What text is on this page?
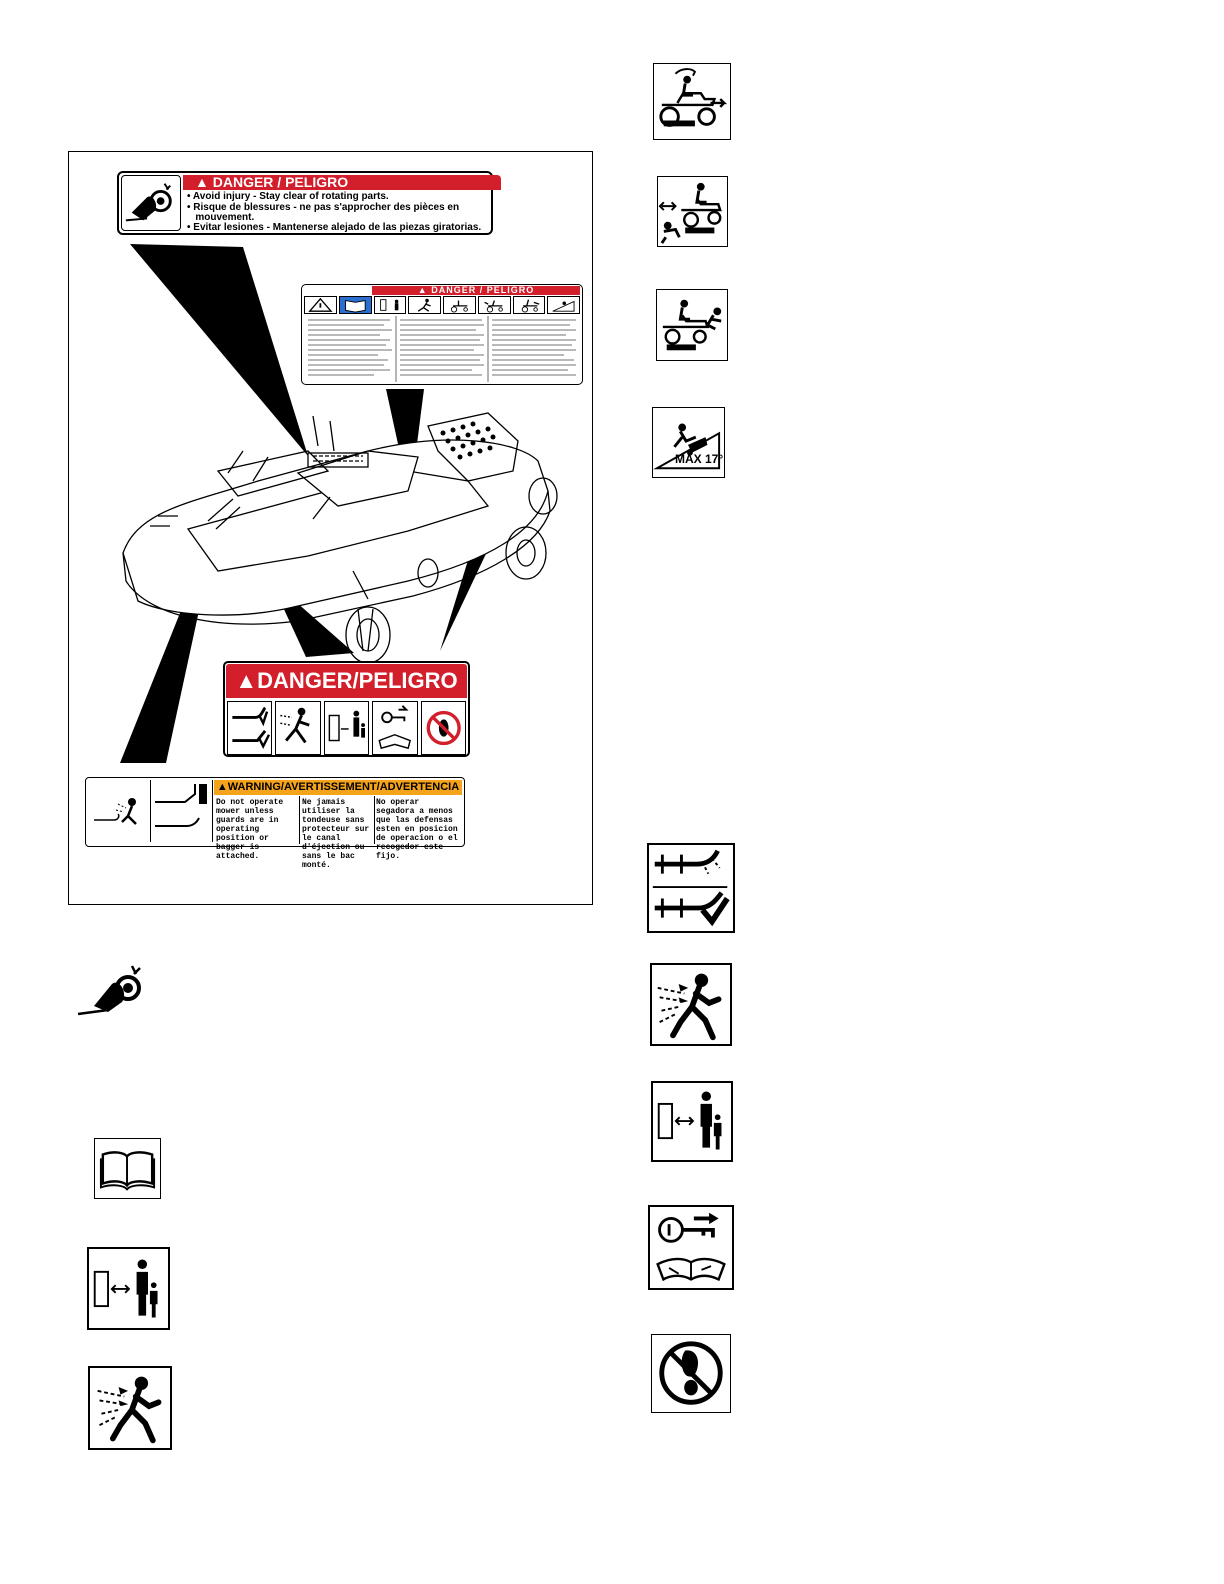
▲ DANGER / PELIGRO
• Avoid injury - Stay clear of rotating parts.
• Risque de blessures - ne pas s'approcher des pièces en
mouvement.
• Evitar lesiones - Mantenerse alejado de las piezas giratorias.
▲ DANGER / PELIGRO
▲DANGER/PELIGRO
▲WARNING/AVERTISSEMENT/ADVERTENCIA
Do not operate mower unless guards are in operating position or bagger is attached.
Ne jamais utiliser la tondeuse sans protecteur sur le canal d'éjection ou sans le bac monté.
No operar segadora a menos que las defensas esten en posicion de operacion o el recogedor este fijo.
MAX 17°
